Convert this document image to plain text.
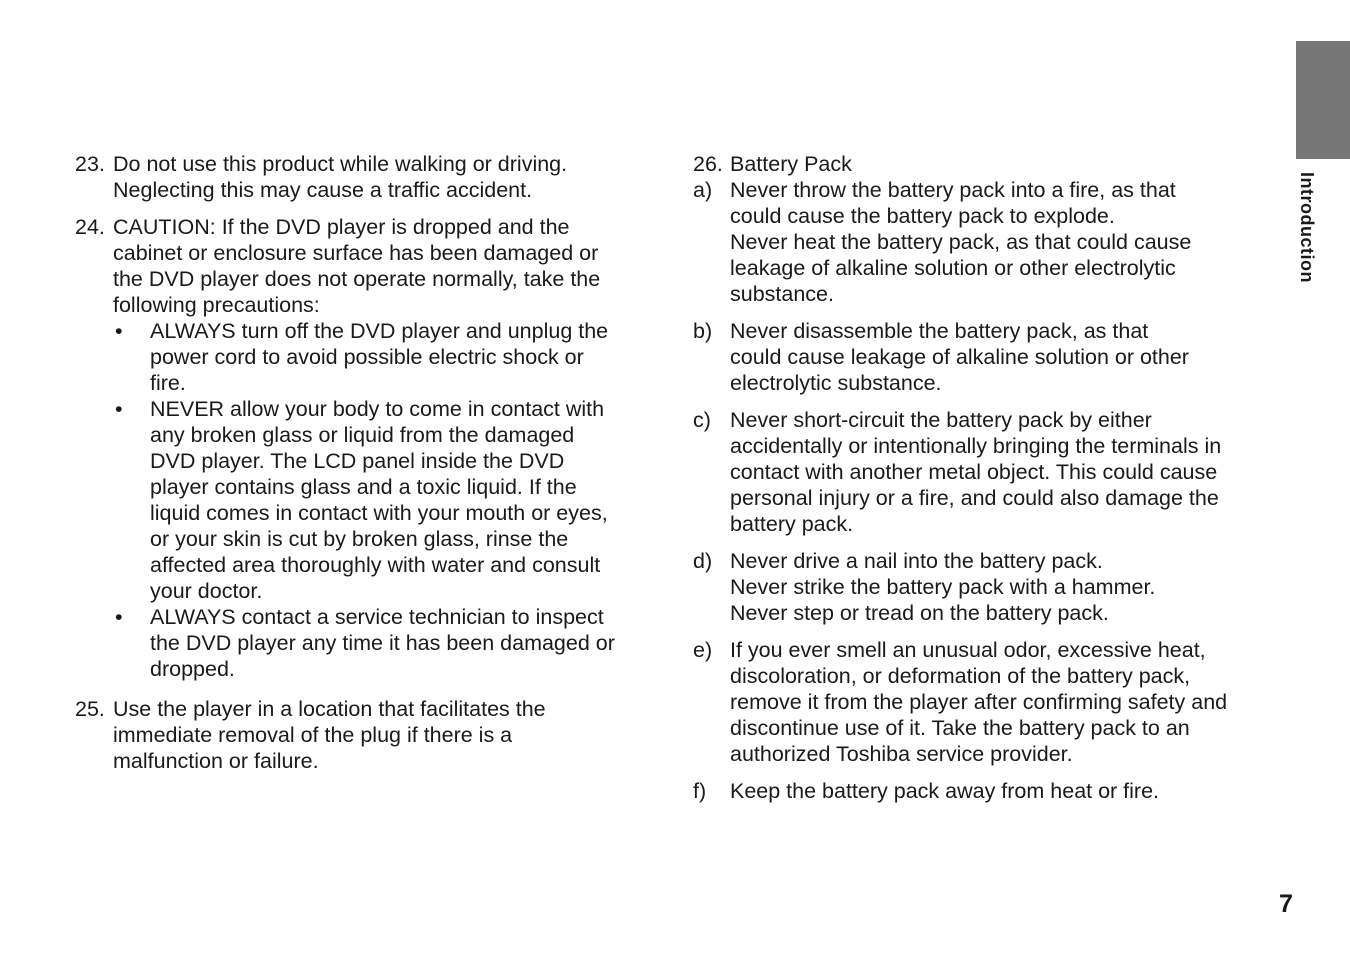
Introduction
23. Do not use this product while walking or driving.
Neglecting this may cause a traffic accident.
24. CAUTION: If the DVD player is dropped and the
cabinet or enclosure surface has been damaged or
the DVD player does not operate normally, take the
following precautions:
•	ALWAYS turn off the DVD player and unplug the
power cord to avoid possible electric shock or
fire.
•	NEVER allow your body to come in contact with
any broken glass or liquid from the damaged
DVD player. The LCD panel inside the DVD
player contains glass and a toxic liquid. If the
liquid comes in contact with your mouth or eyes,
or your skin is cut by broken glass, rinse the
affected area thoroughly with water and consult
your doctor.
•	ALWAYS contact a service technician to inspect
the DVD player any time it has been damaged or
dropped.
25. Use the player in a location that facilitates the
immediate removal of the plug if there is a
malfunction or failure.
26. Battery Pack
a) Never throw the battery pack into a fire, as that
could cause the battery pack to explode.
Never heat the battery pack, as that could cause
leakage of alkaline solution or other electrolytic
substance.
b) Never disassemble the battery pack, as that
could cause leakage of alkaline solution or other
electrolytic substance.
c) Never short-circuit the battery pack by either
accidentally or intentionally bringing the terminals in
contact with another metal object. This could cause
personal injury or a fire, and could also damage the
battery pack.
d) Never drive a nail into the battery pack.
Never strike the battery pack with a hammer.
Never step or tread on the battery pack.
e) If you ever smell an unusual odor, excessive heat,
discoloration, or deformation of the battery pack,
remove it from the player after confirming safety and
discontinue use of it. Take the battery pack to an
authorized Toshiba service provider.
f)	Keep the battery pack away from heat or fire.
7
